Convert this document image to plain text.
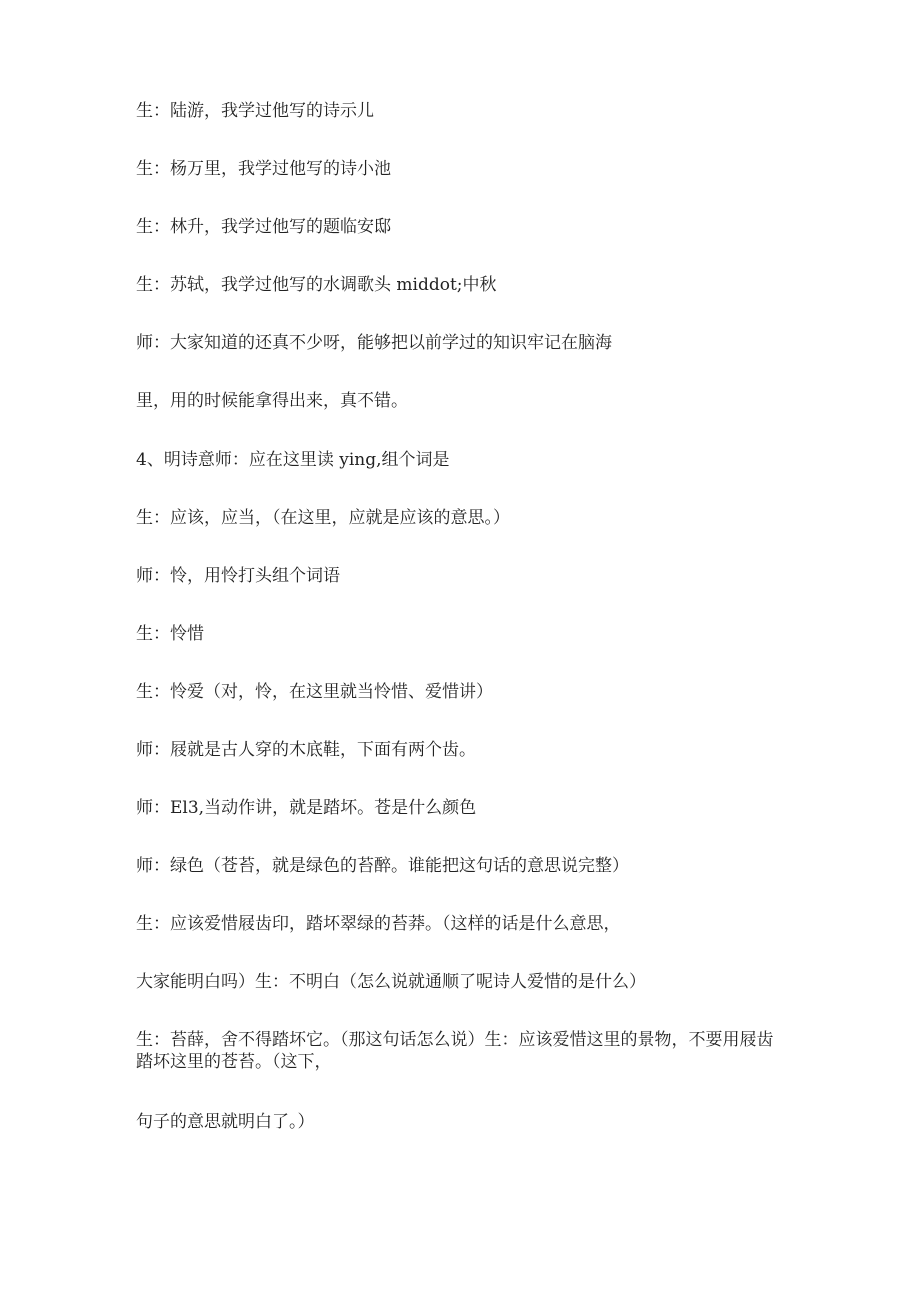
生：陆游，我学过他写的诗示儿

生：杨万里，我学过他写的诗小池

生：林升，我学过他写的题临安邸

生：苏轼，我学过他写的水调歌头 middot;中秋

师：大家知道的还真不少呀，能够把以前学过的知识牢记在脑海

里，用的时候能拿得出来，真不错。

4、明诗意师：应在这里读 ying,组个词是

生：应该，应当，（在这里，应就是应该的意思。）

师：怜，用怜打头组个词语

生：怜惜

生：怜爱（对，怜，在这里就当怜惜、爱惜讲）

师：屐就是古人穿的木底鞋，下面有两个齿。

师：El3,当动作讲，就是踏坏。苍是什么颜色

师：绿色（苍苔，就是绿色的苔醉。谁能把这句话的意思说完整）

生：应该爱惜屐齿印，踏坏翠绿的苔莽。（这样的话是什么意思，

大家能明白吗）生：不明白（怎么说就通顺了呢诗人爱惜的是什么）

生：苔薛，舍不得踏坏它。（那这句话怎么说）生：应该爱惜这里的景物，不要用屐齿踏坏这里的苍苔。（这下，

句子的意思就明白了。）
